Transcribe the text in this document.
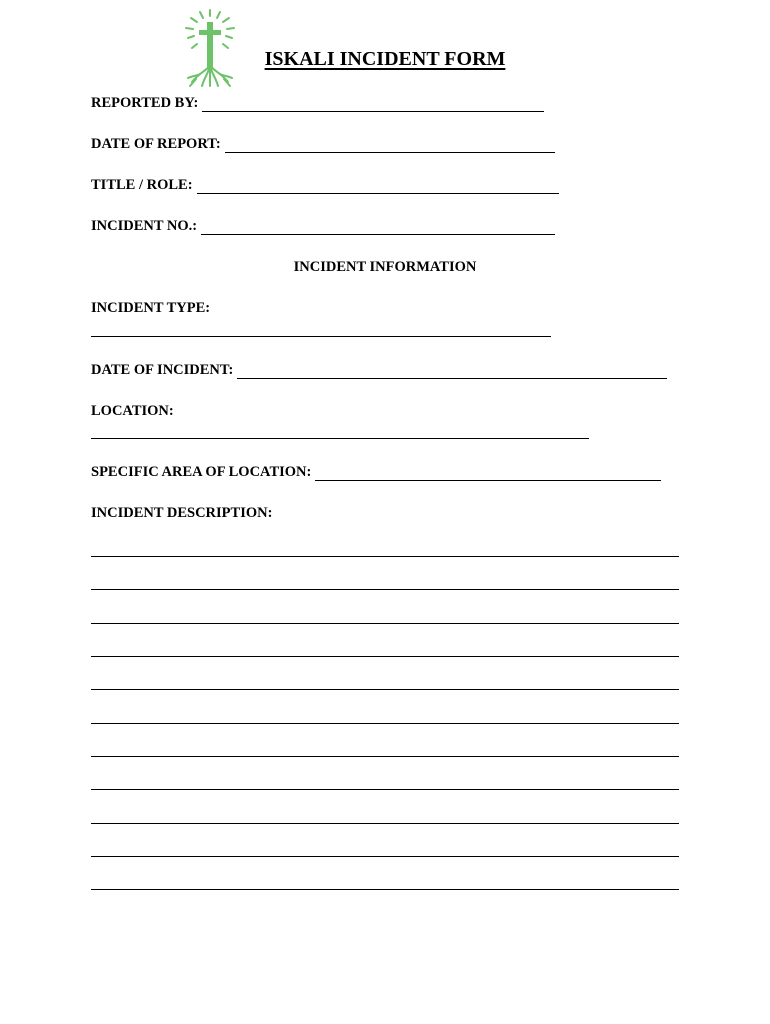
ISKALI INCIDENT FORM
REPORTED BY:
DATE OF REPORT:
TITLE / ROLE:
INCIDENT NO.:
INCIDENT INFORMATION
INCIDENT TYPE:
DATE OF INCIDENT:
LOCATION:
SPECIFIC AREA OF LOCATION:
INCIDENT DESCRIPTION:
